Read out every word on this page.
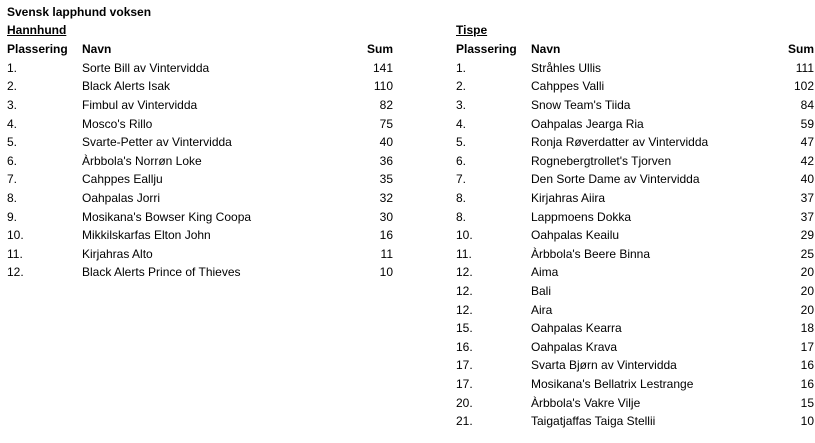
Svensk lapphund voksen
Hannhund
Plassering	Navn	Sum
1.	Sorte Bill av Vintervidda	141
2.	Black Alerts Isak	110
3.	Fimbul av Vintervidda	82
4.	Mosco's Rillo	75
5.	Svarte-Petter av Vintervidda	40
6.	Àrbbola's Norrøn Loke	36
7.	Cahppes Eallju	35
8.	Oahpalas Jorri	32
9.	Mosikana's Bowser King Coopa	30
10.	Mikkilskarfas Elton John	16
11.	Kirjahras Alto	11
12.	Black Alerts Prince of Thieves	10
Tispe
Plassering	Navn	Sum
1.	Stråhles Ullis	111
2.	Cahppes Valli	102
3.	Snow Team's Tiida	84
4.	Oahpalas Jearga Ria	59
5.	Ronja Røverdatter av Vintervidda	47
6.	Rognebergtrollet's Tjorven	42
7.	Den Sorte Dame av Vintervidda	40
8.	Kirjahras Aiira	37
8.	Lappmoens Dokka	37
10.	Oahpalas Keailu	29
11.	Àrbbola's Beere Binna	25
12.	Aima	20
12.	Bali	20
12.	Aira	20
15.	Oahpalas Kearra	18
16.	Oahpalas Krava	17
17.	Svarta Bjørn av Vintervidda	16
17.	Mosikana's Bellatrix Lestrange	16
20.	Àrbbola's Vakre Vilje	15
21.	Taigatjaffas Taiga Stellii	10
